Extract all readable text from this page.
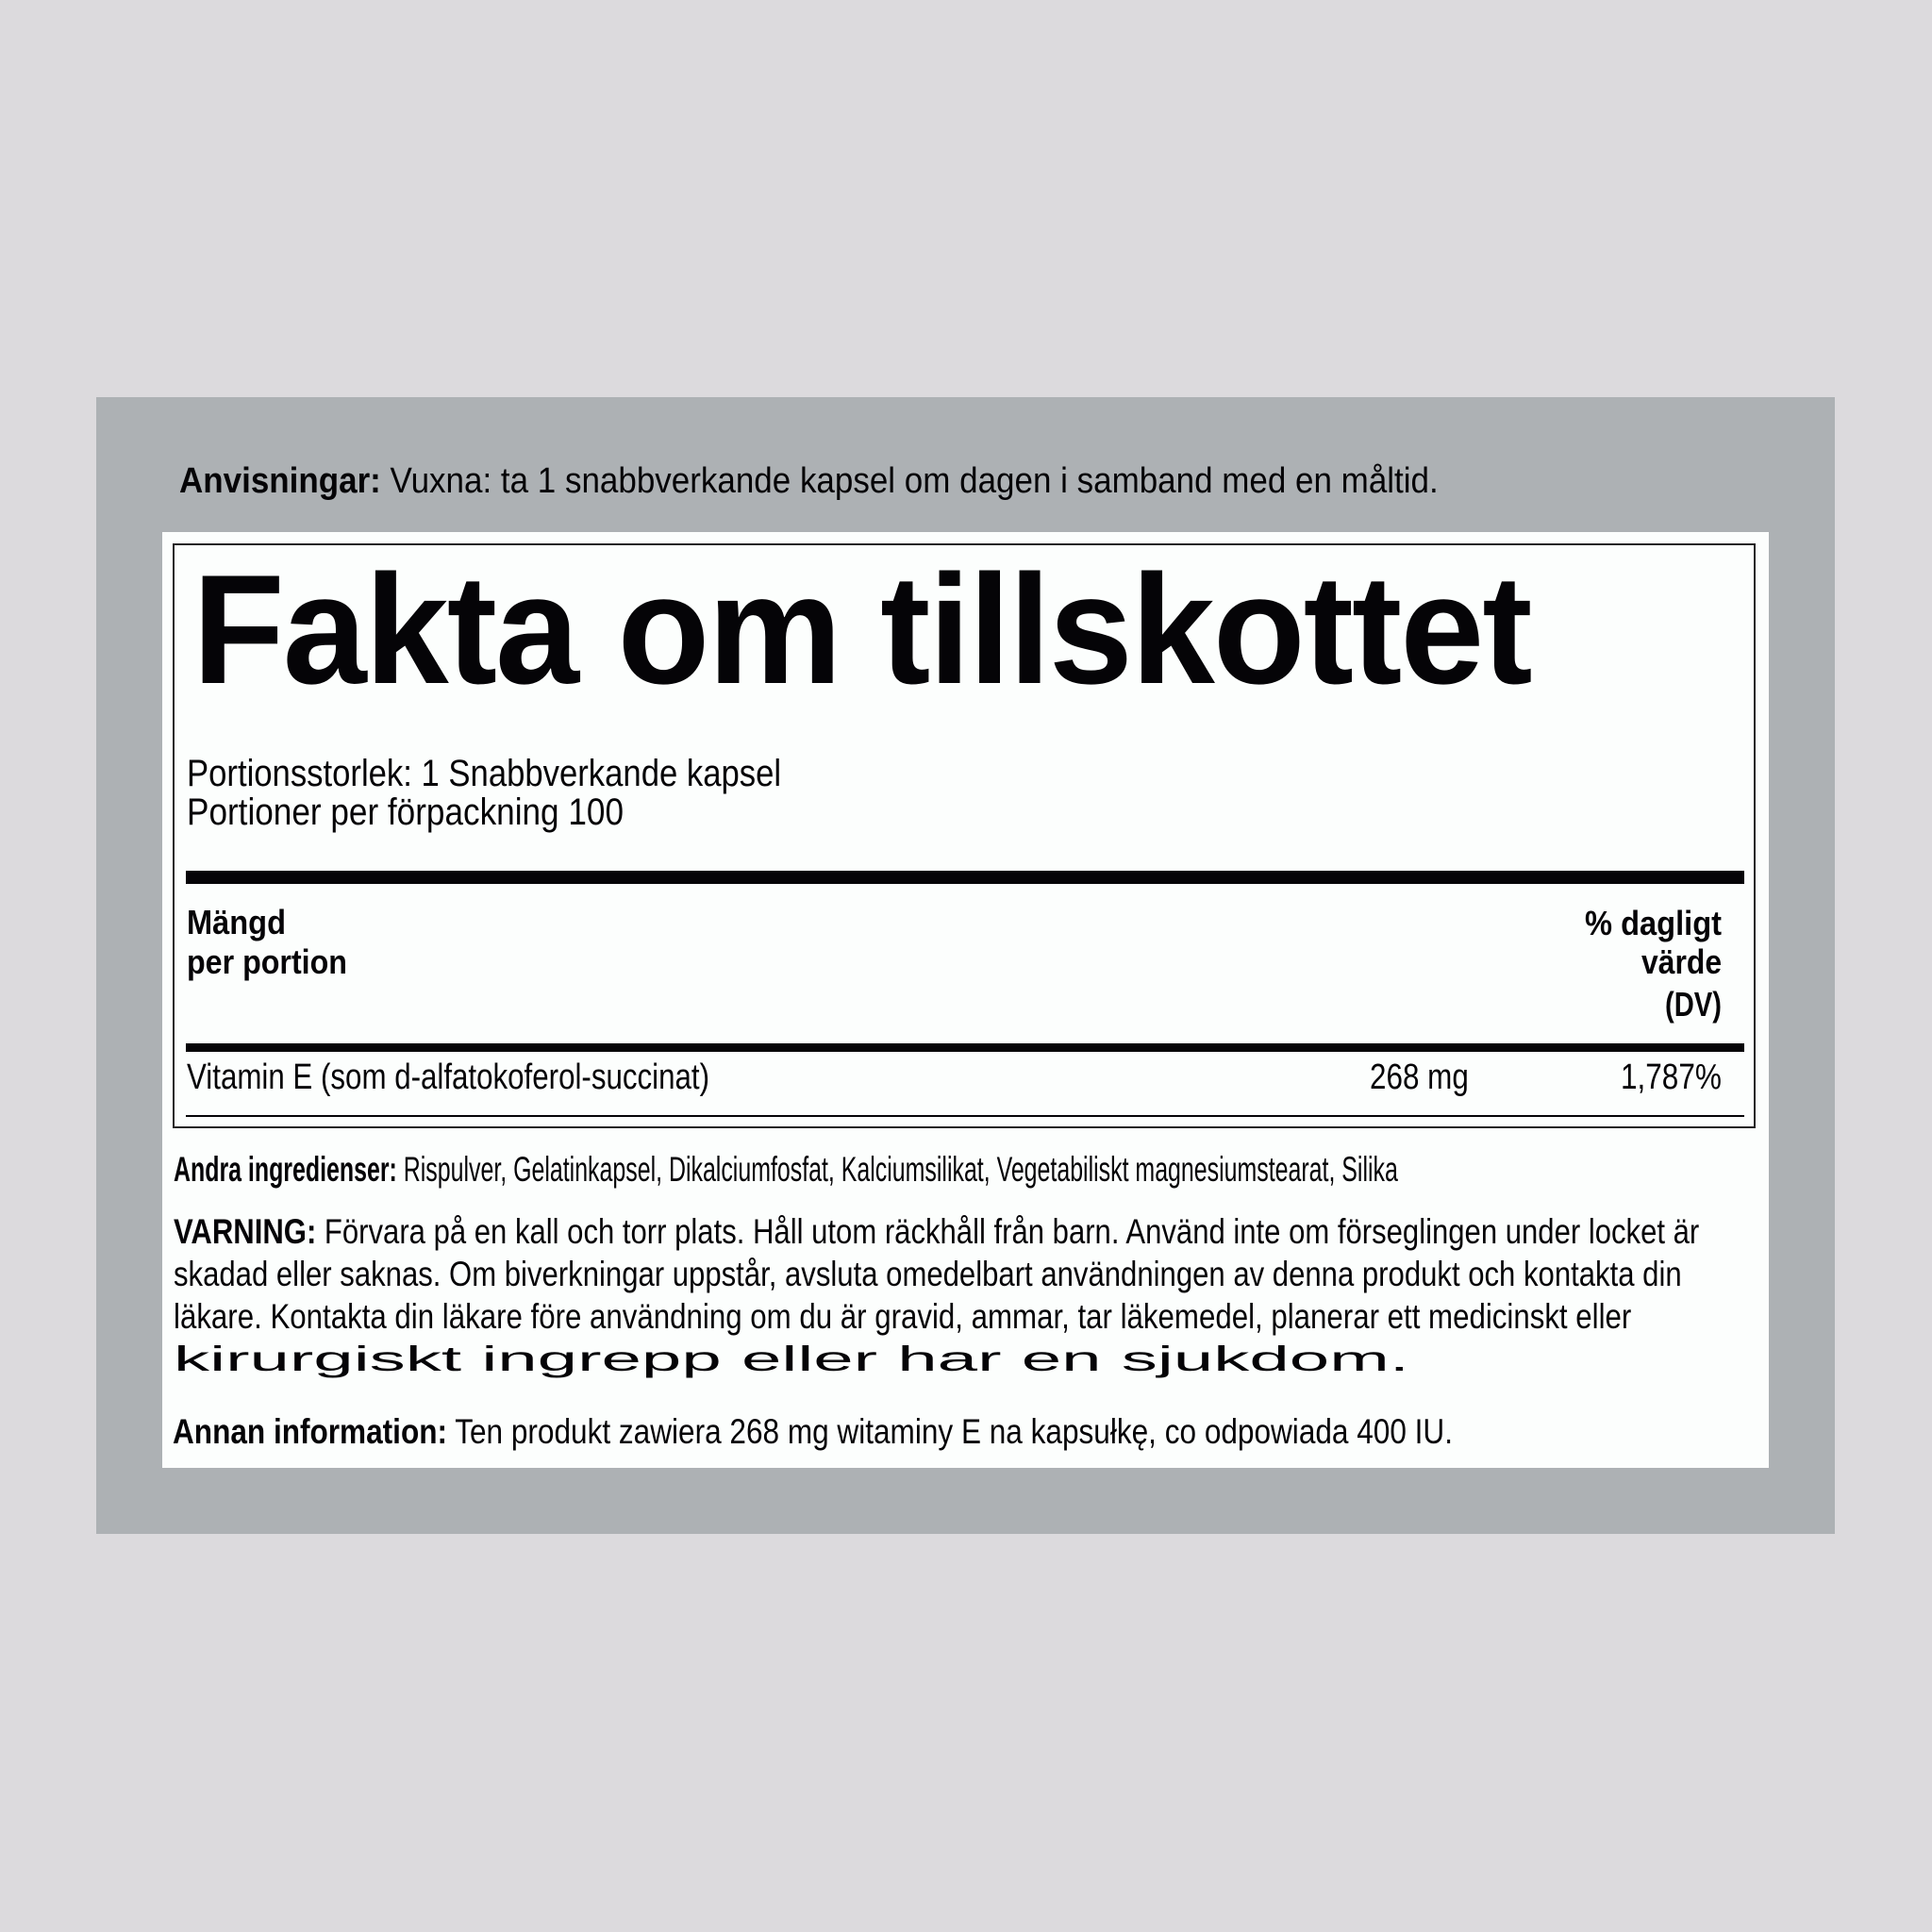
Anvisningar: Vuxna: ta 1 snabbverkande kapsel om dagen i samband med en måltid.
Fakta om tillskottet
Portionsstorlek: 1 Snabbverkande kapsel
Portioner per förpackning 100
Mängd
per portion
% dagligt
värde
(DV)
Vitamin E (som d-alfatokoferol-succinat)	268 mg	1,787%
Andra ingredienser: Rispulver, Gelatinkapsel, Dikalciumfosfat, Kalciumsilikat, Vegetabiliskt magnesiumstearat, Silika
VARNING: Förvara på en kall och torr plats. Håll utom räckhåll från barn. Använd inte om förseglingen under locket är
skadad eller saknas. Om biverkningar uppstår, avsluta omedelbart användningen av denna produkt och kontakta din
läkare. Kontakta din läkare före användning om du är gravid, ammar, tar läkemedel, planerar ett medicinskt eller
kirurgiskt ingrepp eller har en sjukdom.
Annan information: Ten produkt zawiera 268 mg witaminy E na kapsułkę, co odpowiada 400 IU.
